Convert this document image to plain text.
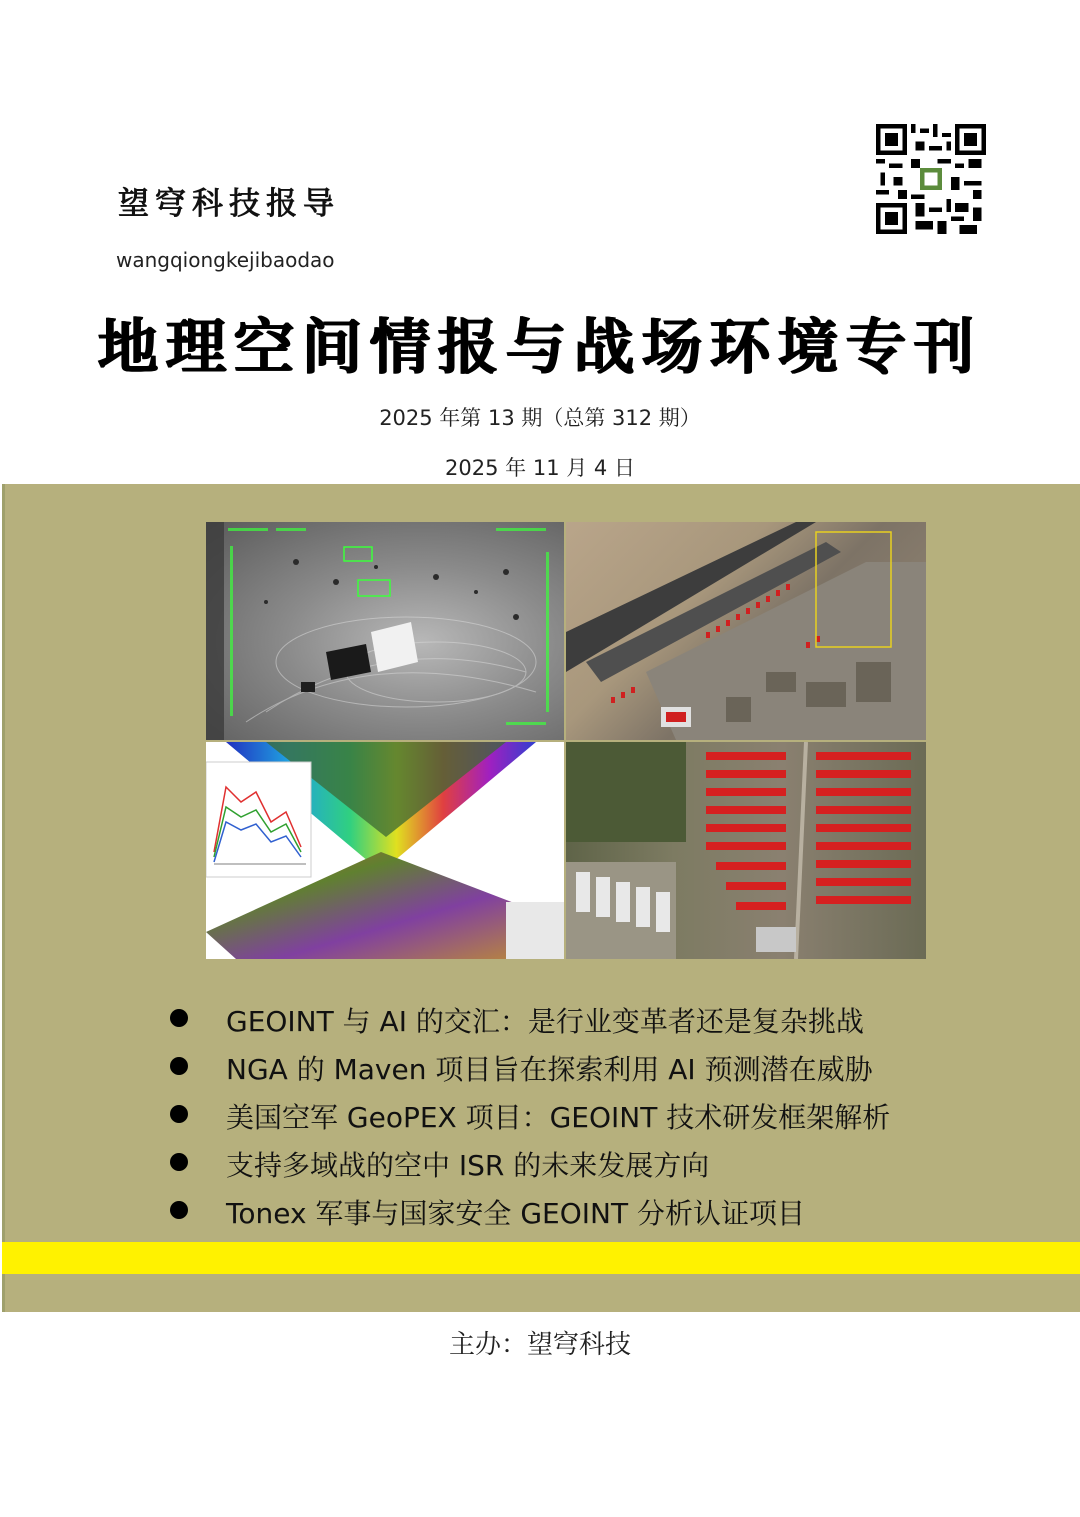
望穹科技报导
wangqiongkejibaodao
地理空间情报与战场环境专刊
2025 年第 13 期（总第 312 期）
2025 年 11 月 4 日
GEOINT 与 AI 的交汇：是行业变革者还是复杂挑战
NGA 的 Maven 项目旨在探索利用 AI 预测潜在威胁
美国空军 GeoPEX 项目：GEOINT 技术研发框架解析
支持多域战的空中 ISR 的未来发展方向
Tonex 军事与国家安全 GEOINT 分析认证项目
主办：望穹科技
